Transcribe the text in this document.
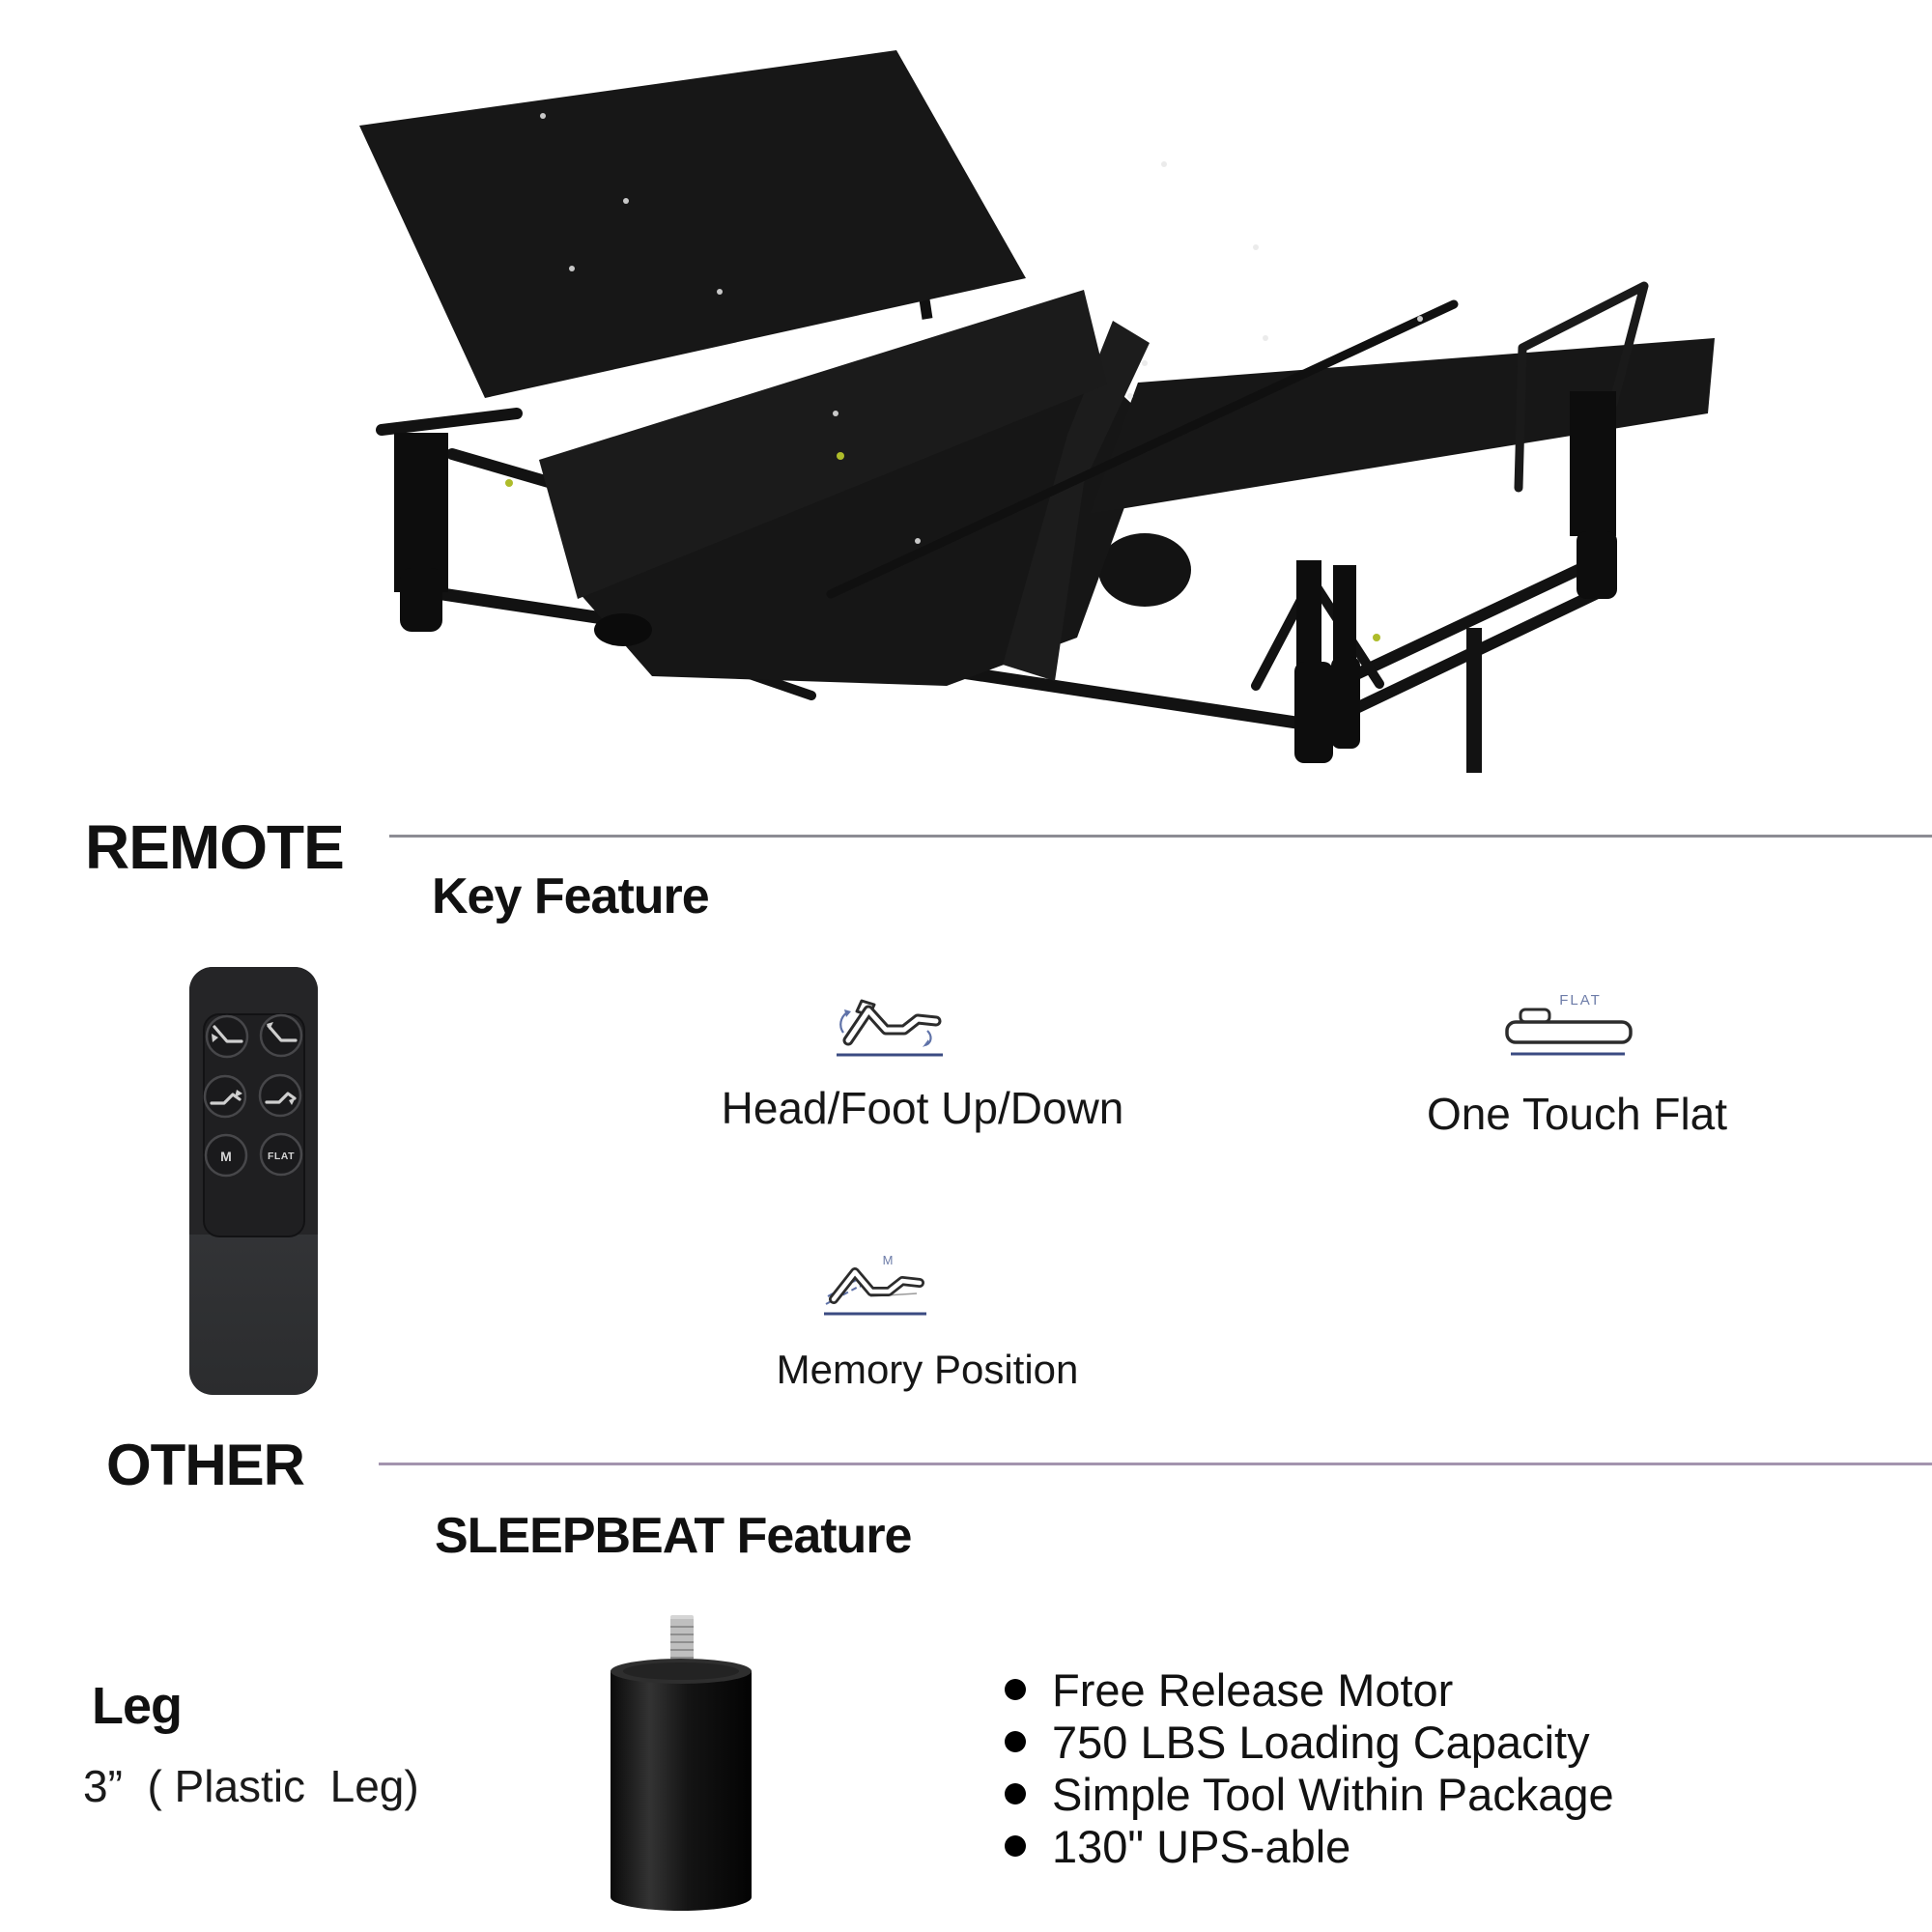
REMOTE
Key Feature
M	FLAT
Head/Foot Up/Down
FLAT
One Touch Flat
M
Memory Position
OTHER
SLEEPBEAT Feature
Leg
3”  ( Plastic  Leg)
Free Release Motor
750 LBS Loading Capacity
Simple Tool Within Package
130" UPS-able
